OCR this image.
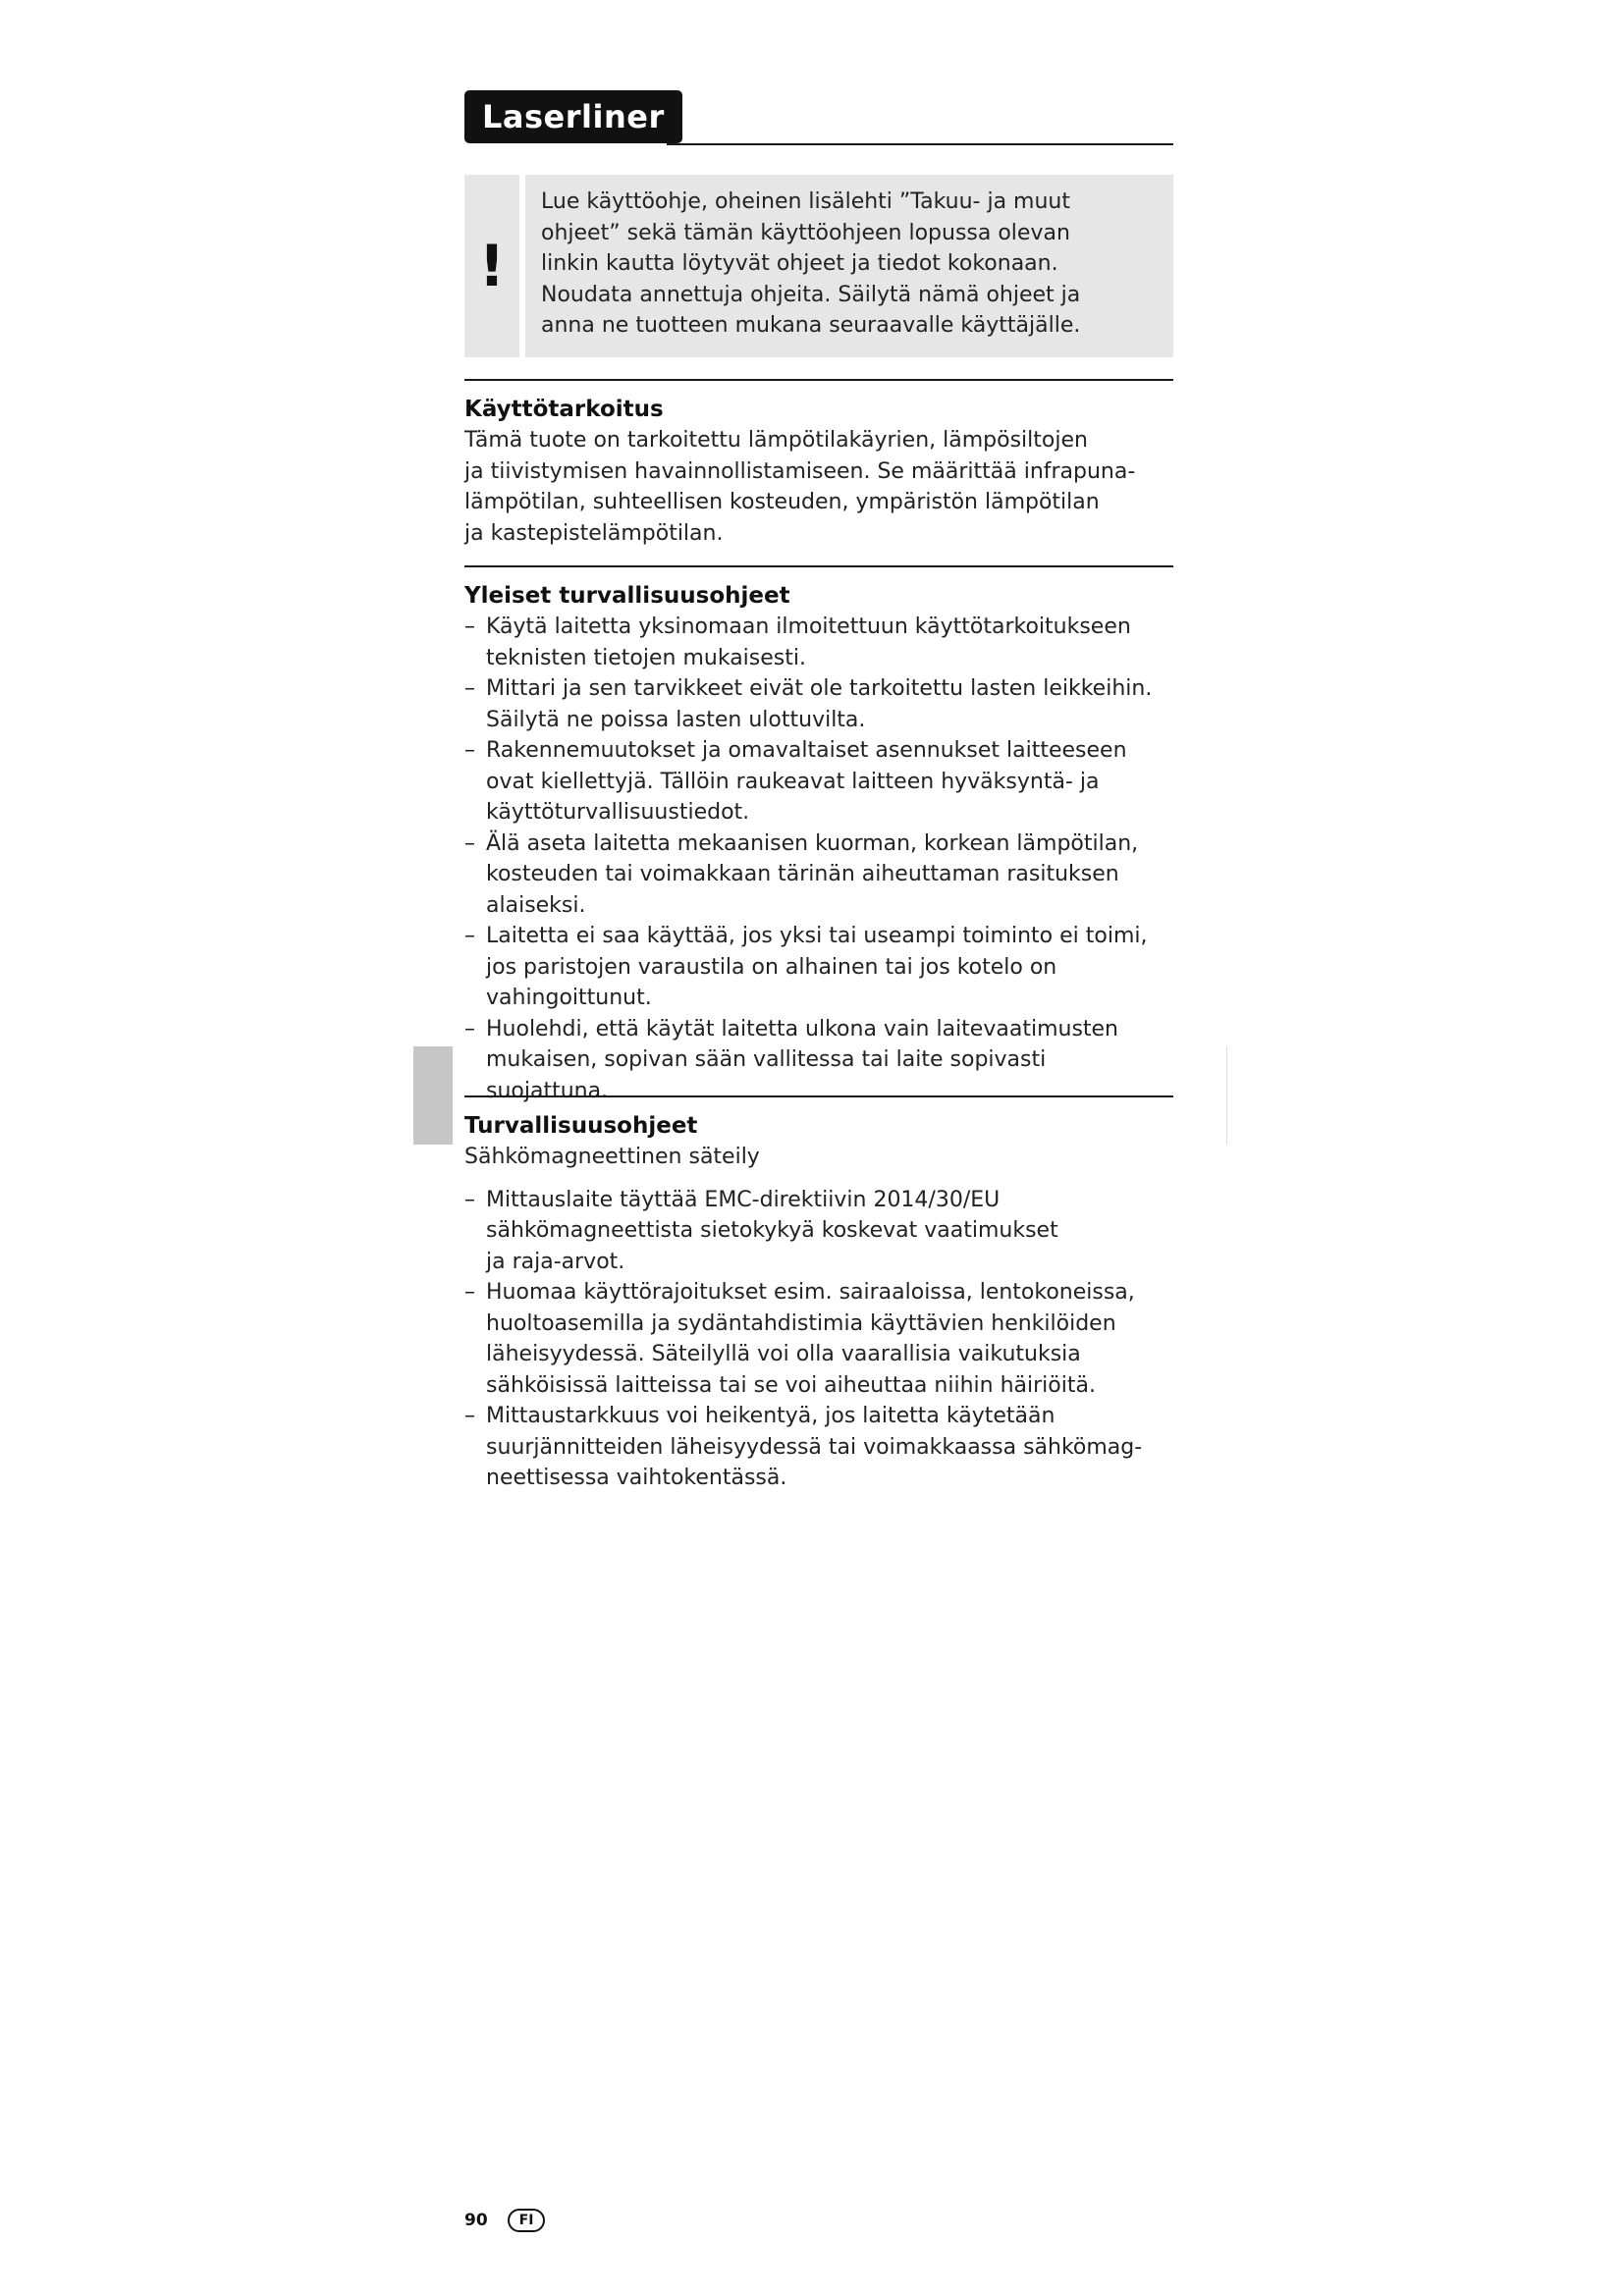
Laserliner
!
Lue käyttöohje, oheinen lisälehti ”Takuu- ja muut
ohjeet” sekä tämän käyttöohjeen lopussa olevan
linkin kautta löytyvät ohjeet ja tiedot kokonaan.
Noudata annettuja ohjeita. Säilytä nämä ohjeet ja
anna ne tuotteen mukana seuraavalle käyttäjälle.
Käyttötarkoitus
Tämä tuote on tarkoitettu lämpötilakäyrien, lämpösiltojen
ja tiivistymisen havainnollistamiseen. Se määrittää infrapuna-
lämpötilan, suhteellisen kosteuden, ympäristön lämpötilan
ja kastepistelämpötilan.
Yleiset turvallisuusohjeet
– Käytä laitetta yksinomaan ilmoitettuun käyttötarkoitukseen
teknisten tietojen mukaisesti.
– Mittari ja sen tarvikkeet eivät ole tarkoitettu lasten leikkeihin.
Säilytä ne poissa lasten ulottuvilta.
– Rakennemuutokset ja omavaltaiset asennukset laitteeseen
ovat kiellettyjä. Tällöin raukeavat laitteen hyväksyntä- ja
käyttöturvallisuustiedot.
– Älä aseta laitetta mekaanisen kuorman, korkean lämpötilan,
kosteuden tai voimakkaan tärinän aiheuttaman rasituksen
alaiseksi.
– Laitetta ei saa käyttää, jos yksi tai useampi toiminto ei toimi,
jos paristojen varaustila on alhainen tai jos kotelo on
vahingoittunut.
– Huolehdi, että käytät laitetta ulkona vain laitevaatimusten
mukaisen, sopivan sään vallitessa tai laite sopivasti suojattuna.
Turvallisuusohjeet
Sähkömagneettinen säteily
– Mittauslaite täyttää EMC-direktiivin 2014/30/EU
sähkömagneettista sietokykyä koskevat vaatimukset
ja raja-arvot.
– Huomaa käyttörajoitukset esim. sairaaloissa, lentokoneissa,
huoltoasemilla ja sydäntahdistimia käyttävien henkilöiden
läheisyydessä. Säteilyllä voi olla vaarallisia vaikutuksia
sähköisissä laitteissa tai se voi aiheuttaa niihin häiriöitä.
– Mittaustarkkuus voi heikentyä, jos laitetta käytetään
suurjännitteiden läheisyydessä tai voimakkaassa sähkömag-
neettisessa vaihtokentässä.
90	FI
